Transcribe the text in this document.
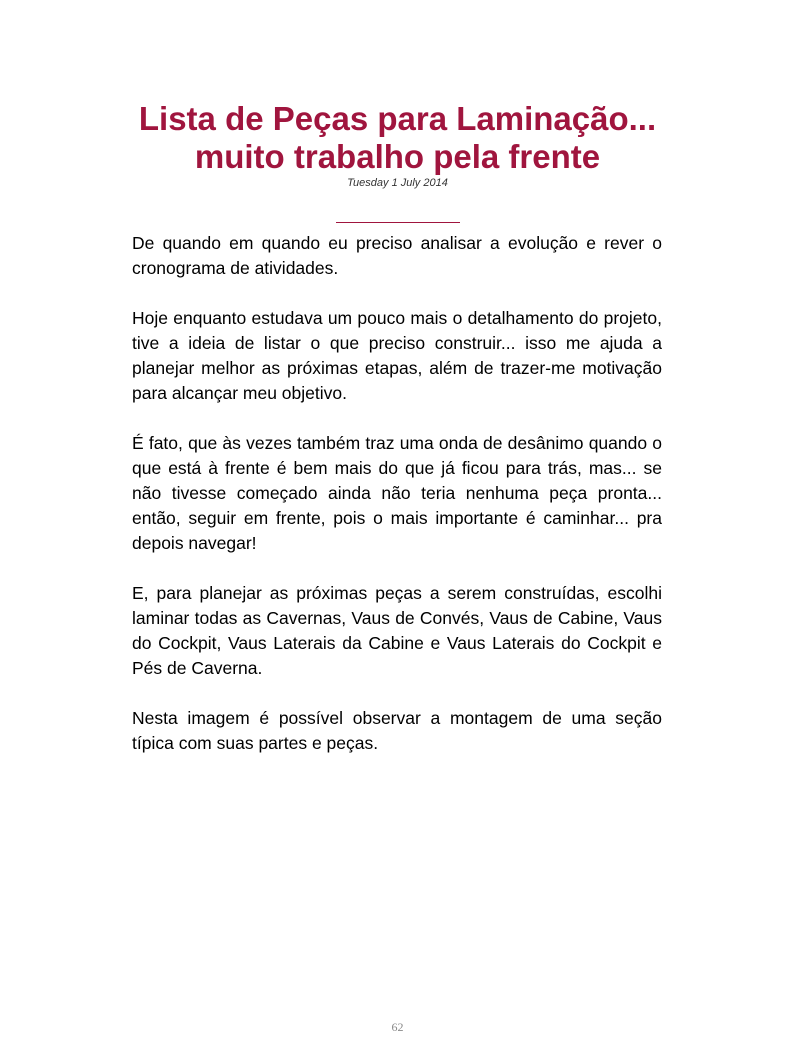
Lista de Peças para Laminação...
muito trabalho pela frente
Tuesday 1 July 2014

De quando em quando eu preciso analisar a evolução e rever o cronograma de atividades.

Hoje enquanto estudava um pouco mais o detalhamento do projeto, tive a ideia de listar o que preciso construir... isso me ajuda a planejar melhor as próximas etapas, além de trazer-me motivação para alcançar meu objetivo.

É fato, que às vezes também traz uma onda de desânimo quando o que está à frente é bem mais do que já ficou para trás, mas... se não tivesse começado ainda não teria nenhuma peça pronta... então, seguir em frente, pois o mais importante é caminhar... pra depois navegar!

E, para planejar as próximas peças a serem construídas, escolhi laminar todas as Cavernas, Vaus de Convés, Vaus de Cabine, Vaus do Cockpit, Vaus Laterais da Cabine e Vaus Laterais do Cockpit e Pés de Caverna.

Nesta imagem é possível observar a montagem de uma seção típica com suas partes e peças.

62
